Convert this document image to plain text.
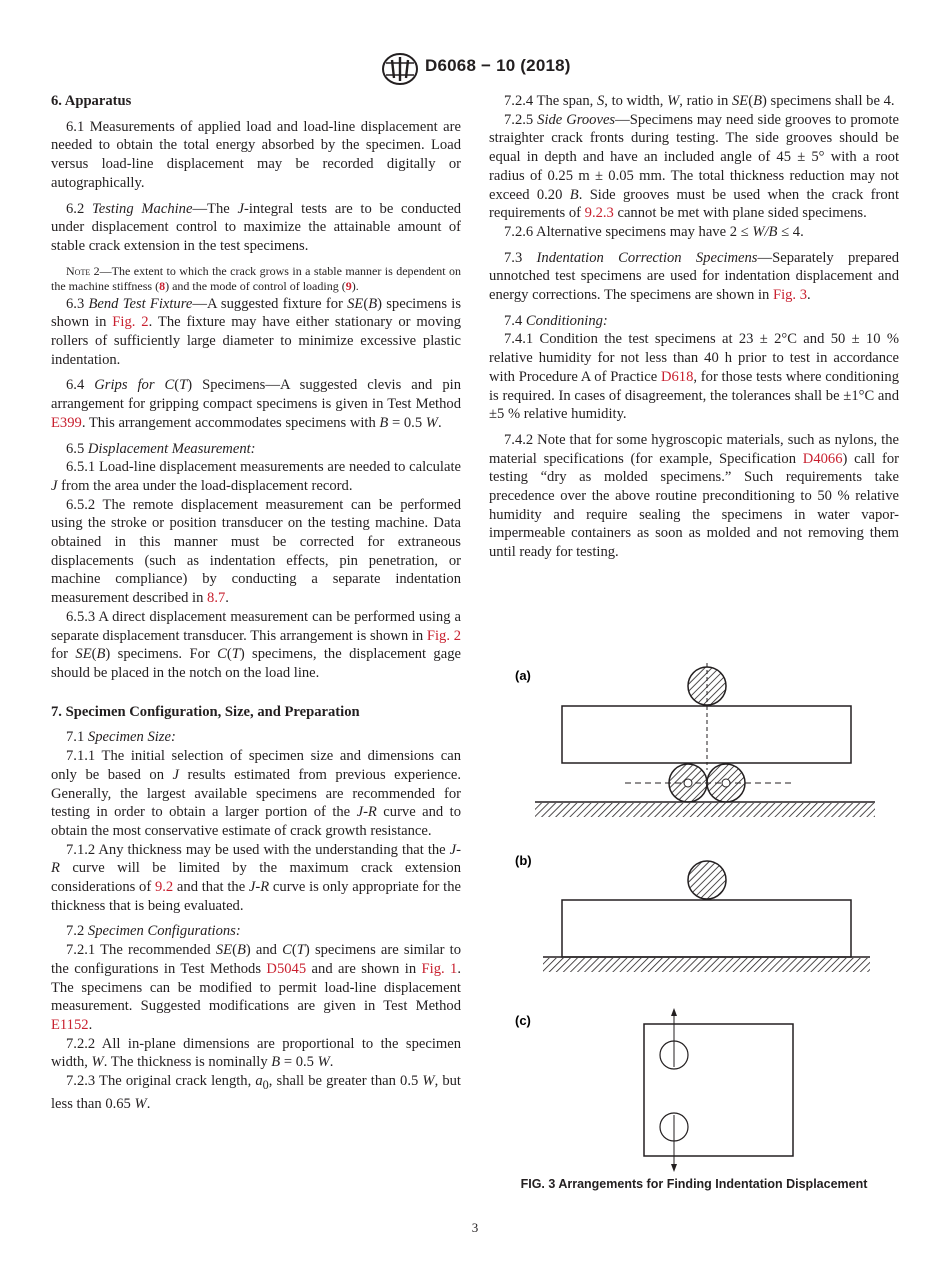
D6068 − 10 (2018)
6. Apparatus

6.1 Measurements of applied load and load-line displacement are needed to obtain the total energy absorbed by the specimen. Load versus load-line displacement may be recorded digitally or autographically.

6.2 Testing Machine—The J-integral tests are to be conducted under displacement control to maximize the attainable amount of stable crack extension in the test specimens.

Note 2—The extent to which the crack grows in a stable manner is dependent on the machine stiffness (8) and the mode of control of loading (9).

6.3 Bend Test Fixture—A suggested fixture for SE(B) specimens is shown in Fig. 2. The fixture may have either stationary or moving rollers of sufficiently large diameter to minimize excessive plastic indentation.

6.4 Grips for C(T) Specimens—A suggested clevis and pin arrangement for gripping compact specimens is given in Test Method E399. This arrangement accommodates specimens with B = 0.5 W.

6.5 Displacement Measurement:

6.5.1 Load-line displacement measurements are needed to calculate J from the area under the load-displacement record.

6.5.2 The remote displacement measurement can be performed using the stroke or position transducer on the testing machine. Data obtained in this manner must be corrected for extraneous displacements (such as indentation effects, pin penetration, or machine compliance) by conducting a separate indentation measurement described in 8.7.

6.5.3 A direct displacement measurement can be performed using a separate displacement transducer. This arrangement is shown in Fig. 2 for SE(B) specimens. For C(T) specimens, the displacement gage should be placed in the notch on the load line.

7. Specimen Configuration, Size, and Preparation

7.1 Specimen Size:

7.1.1 The initial selection of specimen size and dimensions can only be based on J results estimated from previous experience. Generally, the largest available specimens are recommended for testing in order to obtain a larger portion of the J-R curve and to obtain the most conservative estimate of crack growth resistance.

7.1.2 Any thickness may be used with the understanding that the J-R curve will be limited by the maximum crack extension considerations of 9.2 and that the J-R curve is only appropriate for the thickness that is being evaluated.

7.2 Specimen Configurations:

7.2.1 The recommended SE(B) and C(T) specimens are similar to the configurations in Test Methods D5045 and are shown in Fig. 1. The specimens can be modified to permit load-line displacement measurement. Suggested modifications are given in Test Method E1152.

7.2.2 All in-plane dimensions are proportional to the specimen width, W. The thickness is nominally B = 0.5 W.

7.2.3 The original crack length, $a_0$, shall be greater than 0.5 W, but less than 0.65 W.

7.2.4 The span, S, to width, W, ratio in SE(B) specimens shall be 4.

7.2.5 Side Grooves—Specimens may need side grooves to promote straighter crack fronts during testing. The side grooves should be equal in depth and have an included angle of 45 ± 5° with a root radius of 0.25 m ± 0.05 mm. The total thickness reduction may not exceed 0.20 B. Side grooves must be used when the crack front requirements of 9.2.3 cannot be met with plane sided specimens.

7.2.6 Alternative specimens may have 2 ≤ W/B ≤ 4.

7.3 Indentation Correction Specimens—Separately prepared unnotched test specimens are used for indentation displacement and energy corrections. The specimens are shown in Fig. 3.

7.4 Conditioning:

7.4.1 Condition the test specimens at 23 ± 2°C and 50 ± 10 % relative humidity for not less than 40 h prior to test in accordance with Procedure A of Practice D618, for those tests where conditioning is required. In cases of disagreement, the tolerances shall be ±1°C and ±5 % relative humidity.

7.4.2 Note that for some hygroscopic materials, such as nylons, the material specifications (for example, Specification D4066) call for testing “dry as molded specimens.” Such requirements take precedence over the above routine preconditioning to 50 % relative humidity and require sealing the specimens in water vapor-impermeable containers as soon as molded and not removing them until ready for testing.

(a)
(b)
(c)
FIG. 3 Arrangements for Finding Indentation Displacement
3
